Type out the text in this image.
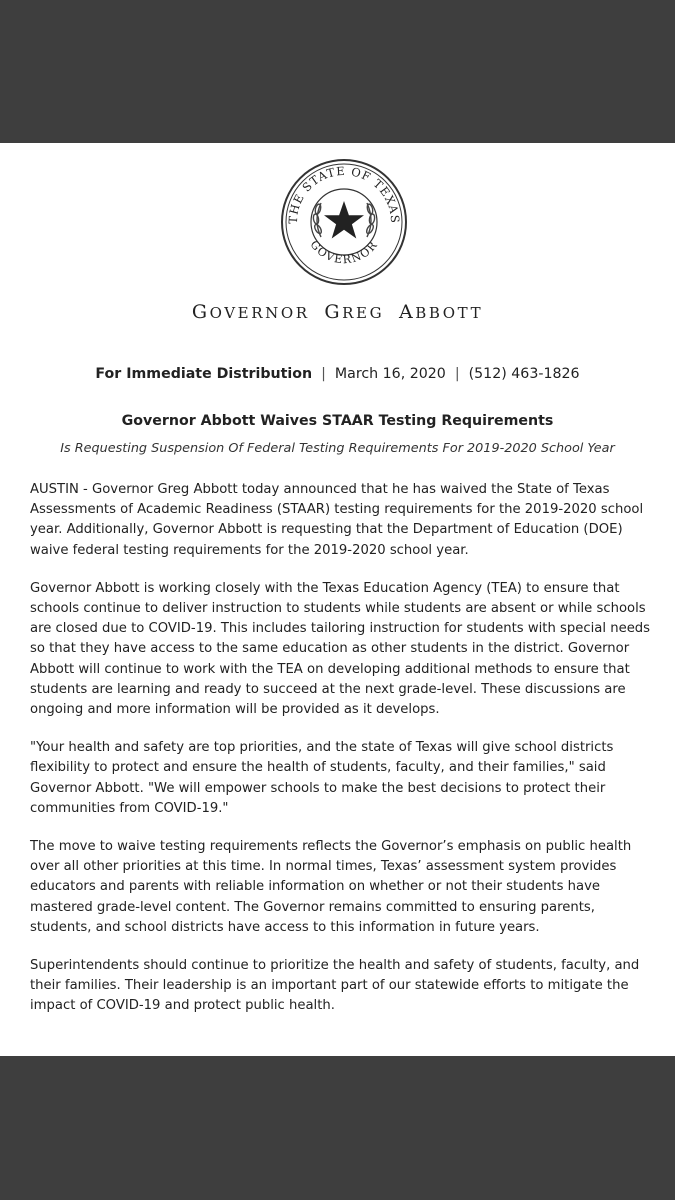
THE STATE OF TEXAS
GOVERNOR
GOVERNOR GREG ABBOTT
For Immediate Distribution | March 16, 2020 | (512) 463-1826
Governor Abbott Waives STAAR Testing Requirements
Is Requesting Suspension Of Federal Testing Requirements For 2019-2020 School Year

AUSTIN - Governor Greg Abbott today announced that he has waived the State of Texas Assessments of Academic Readiness (STAAR) testing requirements for the 2019-2020 school year. Additionally, Governor Abbott is requesting that the Department of Education (DOE) waive federal testing requirements for the 2019-2020 school year.

Governor Abbott is working closely with the Texas Education Agency (TEA) to ensure that schools continue to deliver instruction to students while students are absent or while schools are closed due to COVID-19. This includes tailoring instruction for students with special needs so that they have access to the same education as other students in the district. Governor Abbott will continue to work with the TEA on developing additional methods to ensure that students are learning and ready to succeed at the next grade-level. These discussions are ongoing and more information will be provided as it develops.

"Your health and safety are top priorities, and the state of Texas will give school districts flexibility to protect and ensure the health of students, faculty, and their families," said Governor Abbott. "We will empower schools to make the best decisions to protect their communities from COVID-19."

The move to waive testing requirements reflects the Governor’s emphasis on public health over all other priorities at this time. In normal times, Texas’ assessment system provides educators and parents with reliable information on whether or not their students have mastered grade-level content. The Governor remains committed to ensuring parents, students, and school districts have access to this information in future years.

Superintendents should continue to prioritize the health and safety of students, faculty, and their families. Their leadership is an important part of our statewide efforts to mitigate the impact of COVID-19 and protect public health.
